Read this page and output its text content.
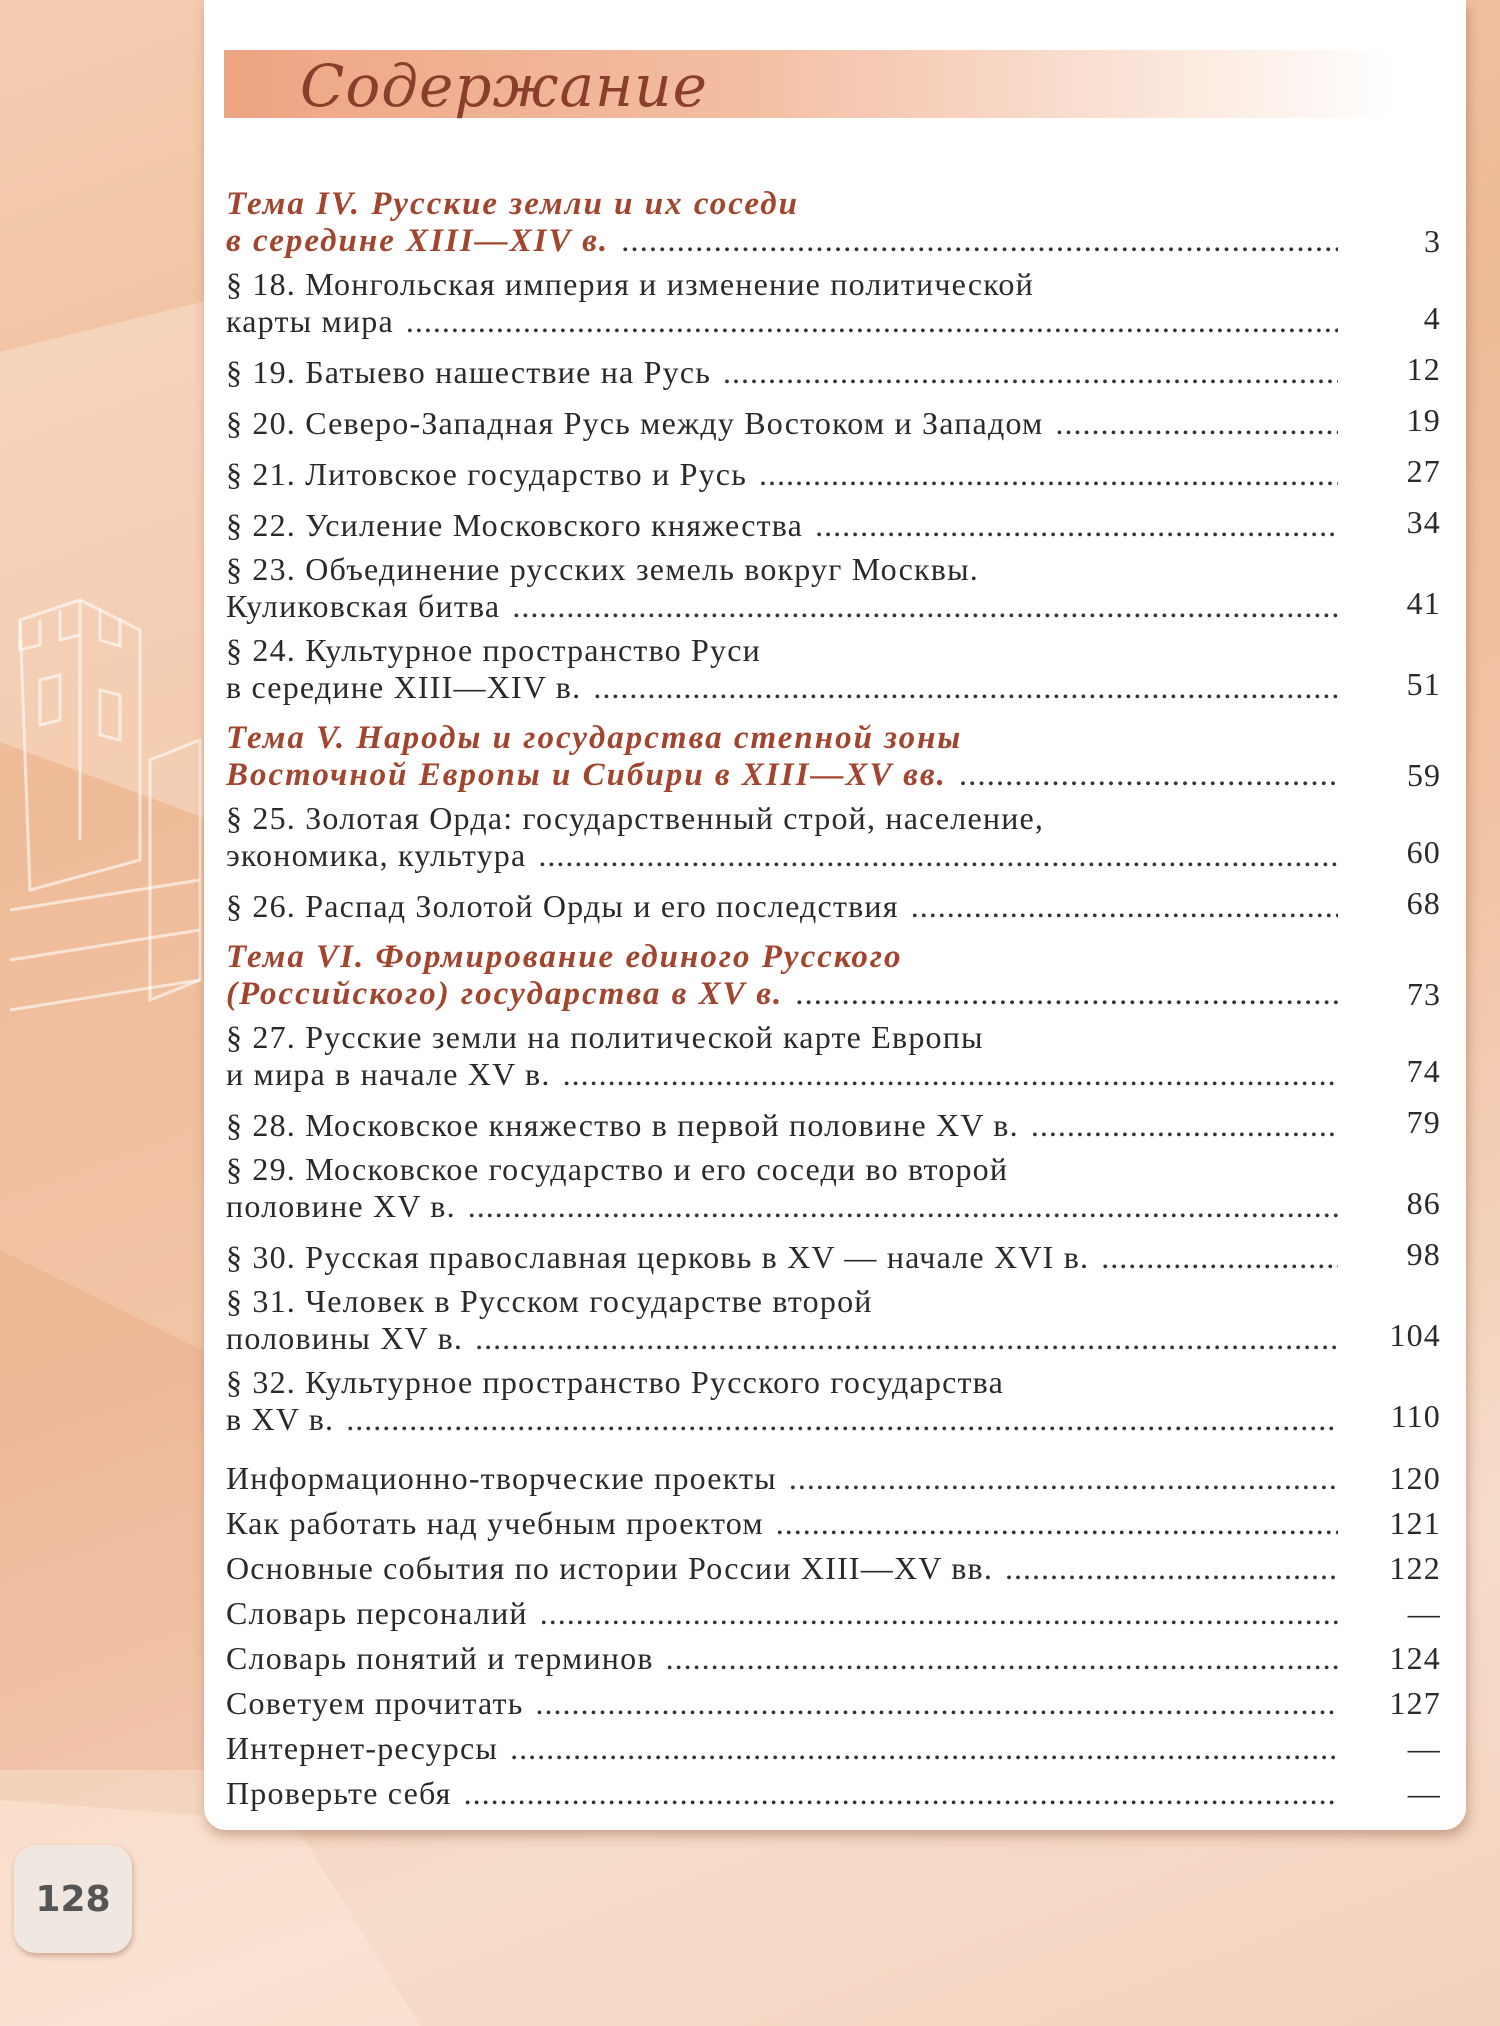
Содержание
Тема IV. Русские земли и их соседи
в середине XIII—XIV в. .....	3
§ 18. Монгольская империя и изменение политической
карты мира .....	4
§ 19. Батыево нашествие на Русь .....	12
§ 20. Северо-Западная Русь между Востоком и Западом .....	19
§ 21. Литовское государство и Русь .....	27
§ 22. Усиление Московского княжества .....	34
§ 23. Объединение русских земель вокруг Москвы.
Куликовская битва .....	41
§ 24. Культурное пространство Руси
в середине XIII—XIV в. .....	51
Тема V. Народы и государства степной зоны
Восточной Европы и Сибири в XIII—XV вв. .....	59
§ 25. Золотая Орда: государственный строй, население,
экономика, культура .....	60
§ 26. Распад Золотой Орды и его последствия .....	68
Тема VI. Формирование единого Русского
(Российского) государства в XV в. .....	73
§ 27. Русские земли на политической карте Европы
и мира в начале XV в. .....	74
§ 28. Московское княжество в первой половине XV в. .....	79
§ 29. Московское государство и его соседи во второй
половине XV в. .....	86
§ 30. Русская православная церковь в XV — начале XVI в. .....	98
§ 31. Человек в Русском государстве второй
половины XV в. .....	104
§ 32. Культурное пространство Русского государства
в XV в. .....	110
Информационно-творческие проекты .....	120
Как работать над учебным проектом .....	121
Основные события по истории России XIII—XV вв. .....	122
Словарь персоналий .....	—
Словарь понятий и терминов .....	124
Советуем прочитать .....	127
Интернет-ресурсы .....	—
Проверьте себя .....	—
128
